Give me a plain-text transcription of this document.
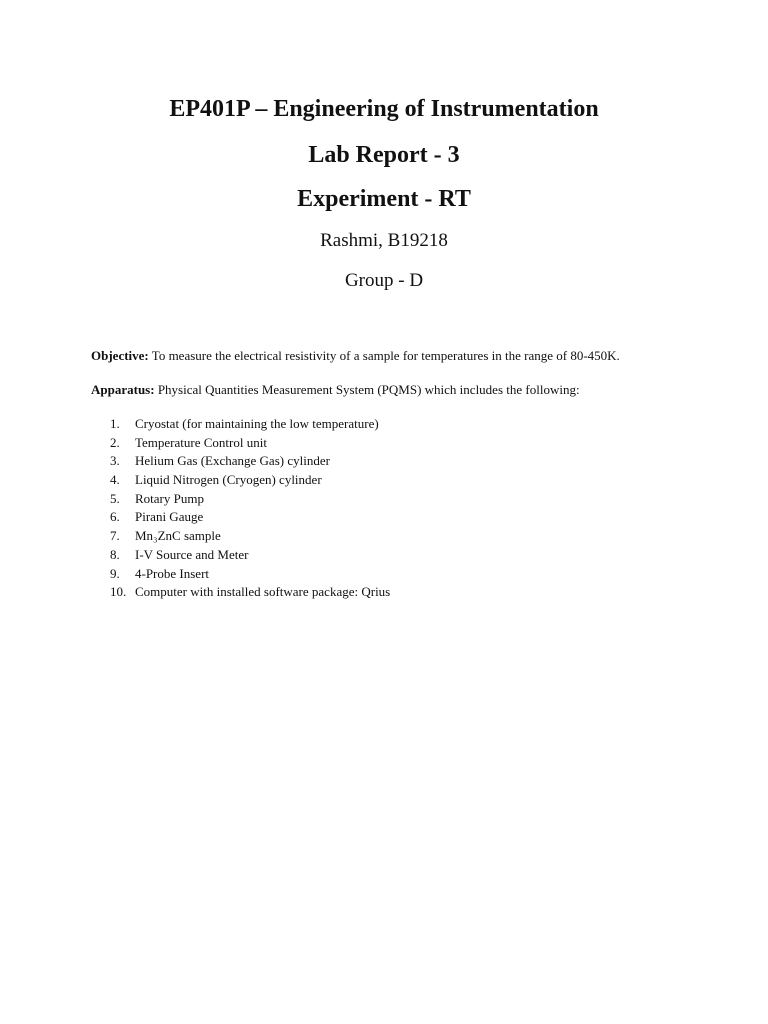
EP401P – Engineering of Instrumentation
Lab Report - 3
Experiment - RT
Rashmi, B19218
Group - D
Objective: To measure the electrical resistivity of a sample for temperatures in the range of 80-450K.
Apparatus: Physical Quantities Measurement System (PQMS) which includes the following:
1. Cryostat (for maintaining the low temperature)
2. Temperature Control unit
3. Helium Gas (Exchange Gas) cylinder
4. Liquid Nitrogen (Cryogen) cylinder
5. Rotary Pump
6. Pirani Gauge
7. Mn₃ZnC sample
8. I-V Source and Meter
9. 4-Probe Insert
10. Computer with installed software package: Qrius
